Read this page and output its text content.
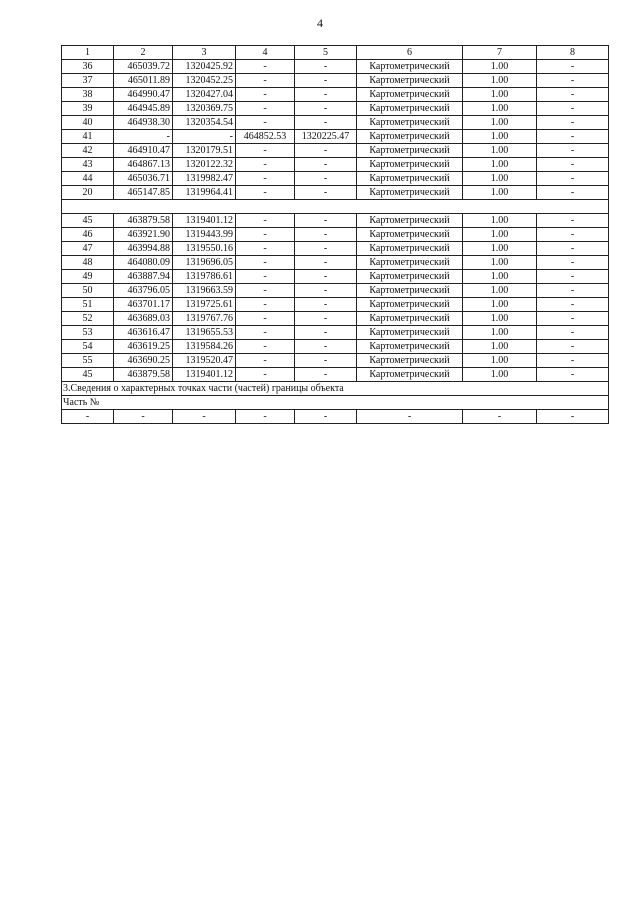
4
1	2	3	4	5	6	7	8
36	465039.72	1320425.92	-	-	Картометрический	1.00	-
37	465011.89	1320452.25	-	-	Картометрический	1.00	-
38	464990.47	1320427.04	-	-	Картометрический	1.00	-
39	464945.89	1320369.75	-	-	Картометрический	1.00	-
40	464938.30	1320354.54	-	-	Картометрический	1.00	-
41	-	-	464852.53	1320225.47	Картометрический	1.00	-
42	464910.47	1320179.51	-	-	Картометрический	1.00	-
43	464867.13	1320122.32	-	-	Картометрический	1.00	-
44	465036.71	1319982.47	-	-	Картометрический	1.00	-
20	465147.85	1319964.41	-	-	Картометрический	1.00	-

45	463879.58	1319401.12	-	-	Картометрический	1.00	-
46	463921.90	1319443.99	-	-	Картометрический	1.00	-
47	463994.88	1319550.16	-	-	Картометрический	1.00	-
48	464080.09	1319696.05	-	-	Картометрический	1.00	-
49	463887.94	1319786.61	-	-	Картометрический	1.00	-
50	463796.05	1319663.59	-	-	Картометрический	1.00	-
51	463701.17	1319725.61	-	-	Картометрический	1.00	-
52	463689.03	1319767.76	-	-	Картометрический	1.00	-
53	463616.47	1319655.53	-	-	Картометрический	1.00	-
54	463619.25	1319584.26	-	-	Картометрический	1.00	-
55	463690.25	1319520.47	-	-	Картометрический	1.00	-
45	463879.58	1319401.12	-	-	Картометрический	1.00	-
3.Сведения о характерных точках части (частей) границы объекта							
Часть №							
-	-	-	-	-	-	-	-
